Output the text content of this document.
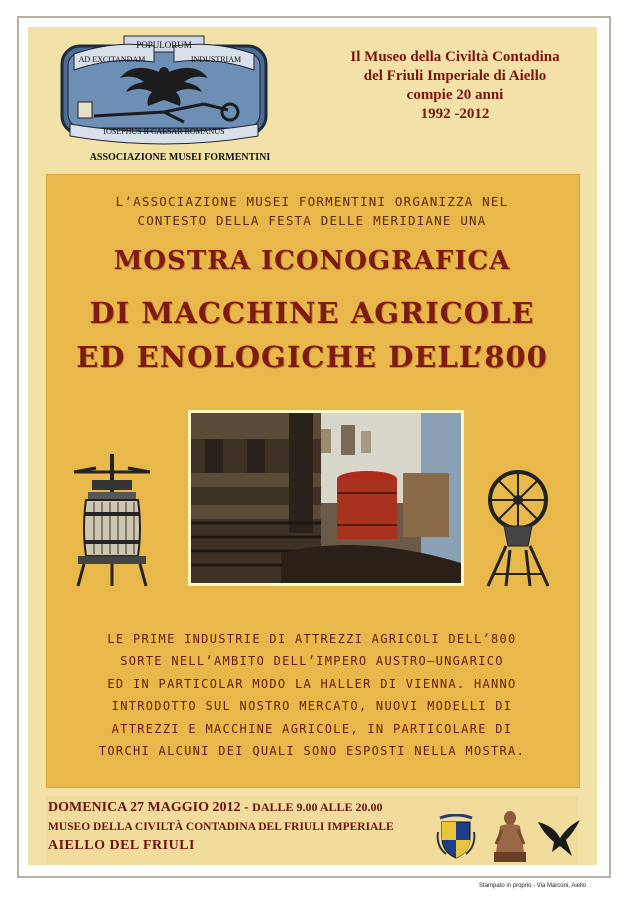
POPULORUM
AD EXCITANDAM	INDUSTRIAM
IOSEPHUS II CAESAR ROMANUS
ASSOCIAZIONE MUSEI FORMENTINI
Il Museo della Civiltà Contadina
del Friuli Imperiale di Aiello
compie 20 anni
1992 -2012
L’ASSOCIAZIONE MUSEI FORMENTINI ORGANIZZA NEL
CONTESTO DELLA FESTA DELLE MERIDIANE UNA
MOSTRA ICONOGRAFICA
DI MACCHINE AGRICOLE
ED ENOLOGICHE DELL’800
LE PRIME INDUSTRIE DI ATTREZZI AGRICOLI DELL’800
SORTE NELL’AMBITO DELL’IMPERO AUSTRO—UNGARICO
ED IN PARTICOLAR MODO LA HALLER DI VIENNA. HANNO
INTRODOTTO SUL NOSTRO MERCATO, NUOVI MODELLI DI
ATTREZZI E MACCHINE AGRICOLE, IN PARTICOLARE DI
TORCHI ALCUNI DEI QUALI SONO ESPOSTI NELLA MOSTRA.
DOMENICA 27 MAGGIO 2012 - DALLE 9.00 ALLE 20.00
MUSEO DELLA CIVILTÀ CONTADINA DEL FRIULI IMPERIALE
AIELLO DEL FRIULI
Stampato in proprio - Via Marconi, Aiello
